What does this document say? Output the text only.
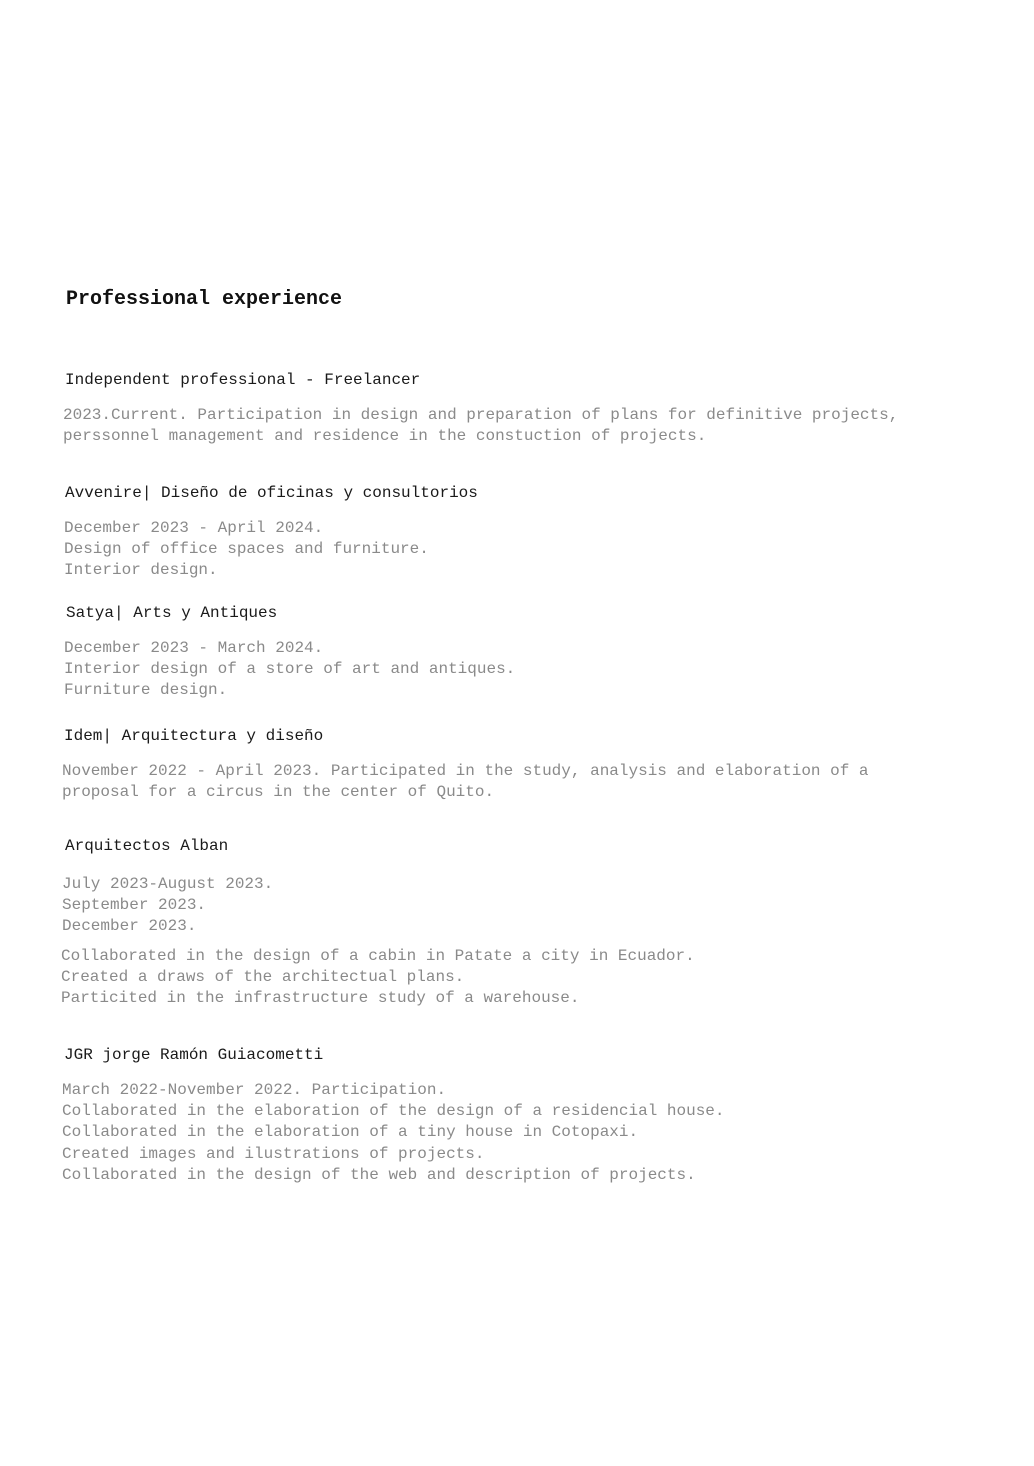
Professional experience
Independent professional - Freelancer
2023.Current. Participation in design and preparation of plans for definitive projects,
perssonnel management and residence in the constuction of projects.
Avvenire| Diseño de oficinas y consultorios
December 2023 - April 2024.
Design of office spaces and furniture.
Interior design.
Satya| Arts y Antiques
December 2023 - March 2024.
Interior design of a store of art and antiques.
Furniture design.
Idem| Arquitectura y diseño
November 2022 - April 2023. Participated in the study, analysis and elaboration of a
proposal for a circus in the center of Quito.
Arquitectos Alban
July 2023-August 2023.
September 2023.
December 2023.
Collaborated in the design of a cabin in Patate a city in Ecuador.
Created a draws of the architectual plans.
Particited in the infrastructure study of a warehouse.
JGR jorge Ramón Guiacometti
March 2022-November 2022. Participation.
Collaborated in the elaboration of the design of a residencial house.
Collaborated in the elaboration of a tiny house in Cotopaxi.
Created images and ilustrations of projects.
Collaborated in the design of the web and description of projects.
